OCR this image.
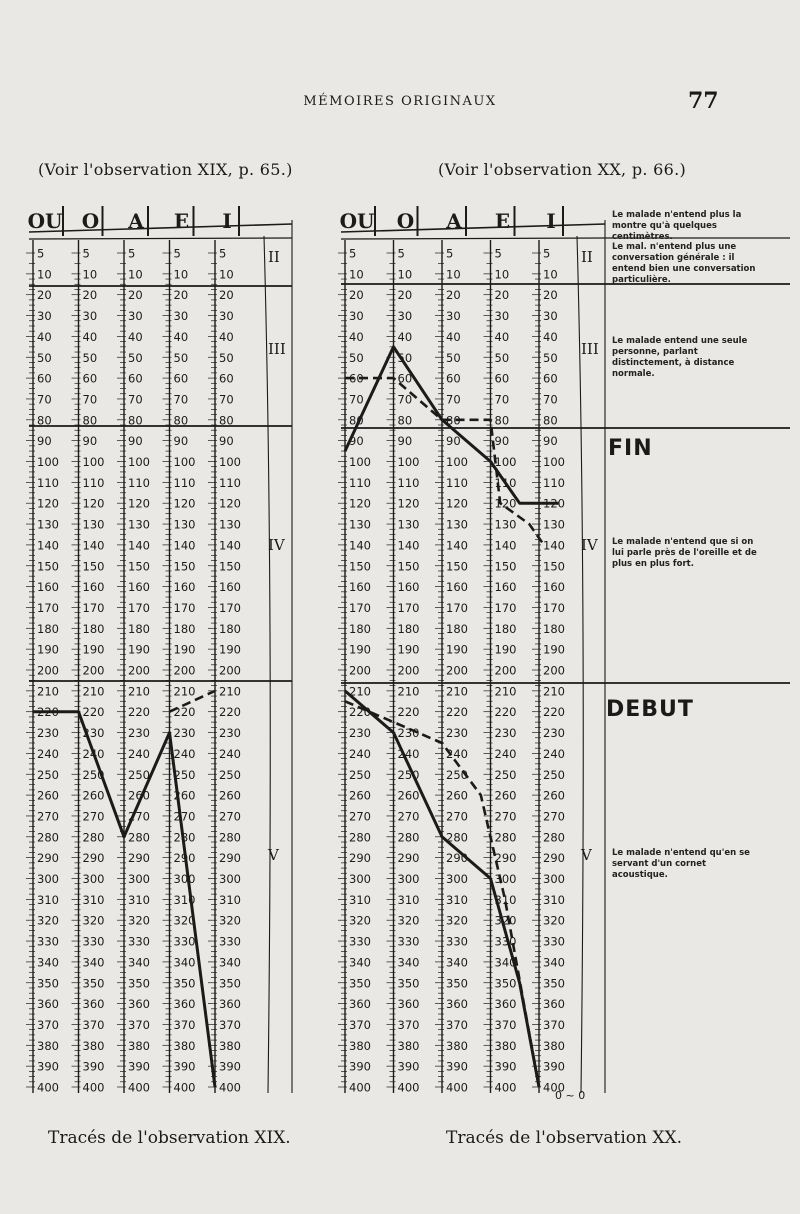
MÉMOIRES ORIGINAUX	77
(Voir l'observation XIX, p. 65.)	(Voir l'observation XX, p. 66.)
OU O A E I
5
10
20
30
40
50
60
70
80
90
100
110
120
130
140
150
160
170
180
190
200
210
220
230
240
250
260
270
280
290
300
310
320
330
340
350
360
370
380
390
400
5
10
20
30
40
50
60
70
80
90
100
110
120
130
140
150
160
170
180
190
200
210
220
230
240
250
260
270
280
290
300
310
320
330
340
350
360
370
380
390
400
5
10
20
30
40
50
60
70
80
90
100
110
120
130
140
150
160
170
180
190
200
210
220
230
240
250
260
270
280
290
300
310
320
330
340
350
360
370
380
390
400
5
10
20
30
40
50
60
70
80
90
100
110
120
130
140
150
160
170
180
190
200
210
220
230
240
250
260
270
280
290
300
310
320
330
340
350
360
370
380
390
400
5
10
20
30
40
50
60
70
80
90
100
110
120
130
140
150
160
170
180
190
200
210
220
230
240
250
260
270
280
290
300
310
320
330
340
350
360
370
380
390
400
II
III
IV
V
OU O A E I
5
10
20
30
40
50
60
70
80
90
100
110
120
130
140
150
160
170
180
190
200
210
220
230
240
250
260
270
280
290
300
310
320
330
340
350
360
370
380
390
400
5
10
20
30
40
50
60
70
80
90
100
110
120
130
140
150
160
170
180
190
200
210
220
230
240
250
260
270
280
290
300
310
320
330
340
350
360
370
380
390
400
5
10
20
30
40
50
60
70
80
90
100
110
120
130
140
150
160
170
180
190
200
210
220
230
240
250
260
270
280
290
300
310
320
330
340
350
360
370
380
390
400
5
10
20
30
40
50
60
70
80
90
100
110
120
130
140
150
160
170
180
190
200
210
220
230
240
250
260
270
280
290
300
310
320
330
340
350
360
370
380
390
400
5
10
20
30
40
50
60
70
80
90
100
110
120
130
140
150
160
170
180
190
200
210
220
230
240
250
260
270
280
290
300
310
320
330
340
350
360
370
380
390
400
II
III
IV
V
0 ~ 0
Le malade n'entend plus la montre qu'à quelques centimètres.
Le mal. n'entend plus une conversation générale : il entend bien une conversation particulière.
Le malade entend une seule personne, parlant distinctement, à distance normale.
FIN
Le malade n'entend que si on lui parle près de l'oreille et de plus en plus fort.
DEBUT
Le malade n'entend qu'en se servant d'un cornet acoustique.
Tracés de l'observation XIX.	Tracés de l'observation XX.
